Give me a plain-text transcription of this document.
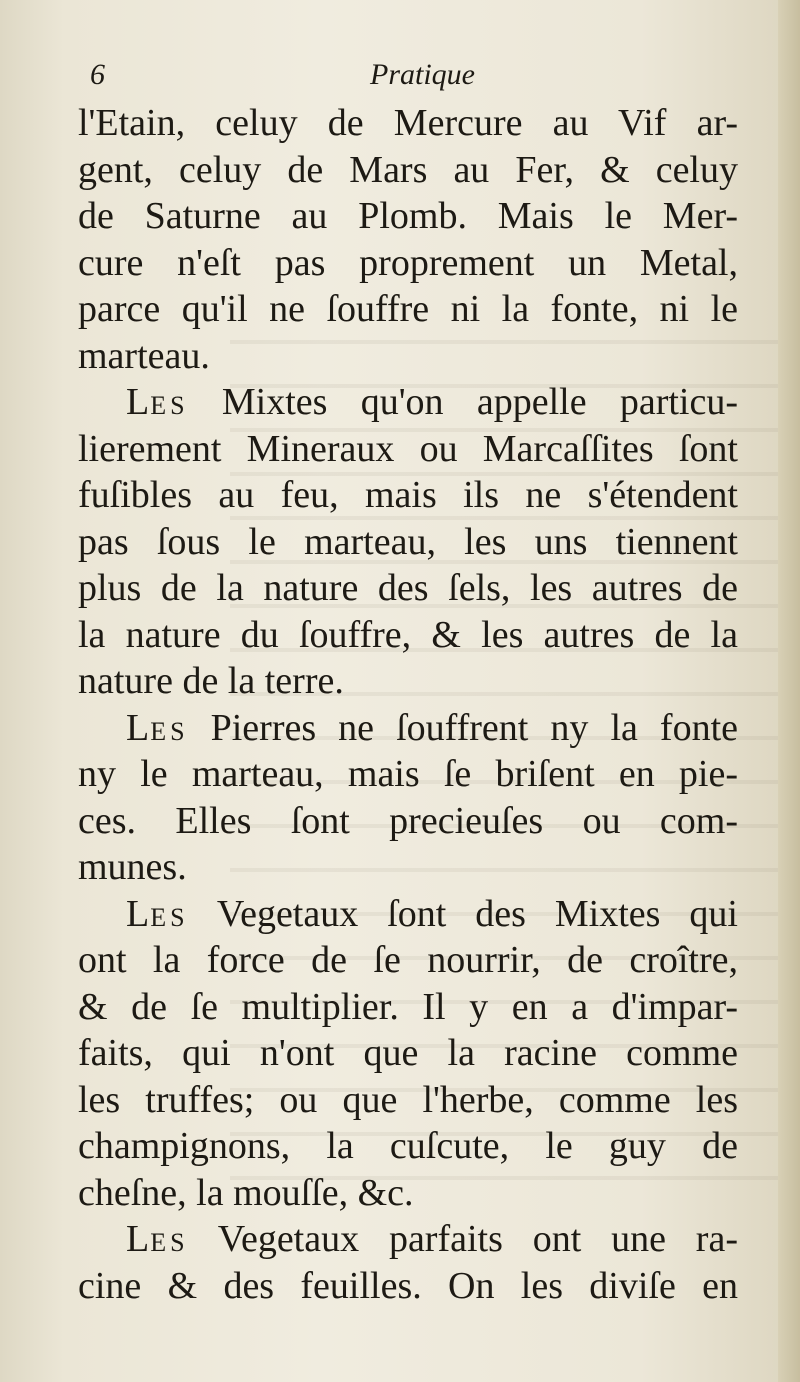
6	Pratique
l'Etain, celuy de Mercure au Vif ar-
gent, celuy de Mars au Fer, & celuy
de Saturne au Plomb. Mais le Mer-
cure n'eſt pas proprement un Metal,
parce qu'il ne ſouffre ni la fonte, ni le
marteau.
LES Mixtes qu'on appelle particu-
lierement Mineraux ou Marcaſſites ſont
fuſibles au feu, mais ils ne s'étendent
pas ſous le marteau, les uns tiennent
plus de la nature des ſels, les autres de
la nature du ſouffre, & les autres de la
nature de la terre.
LES Pierres ne ſouffrent ny la fonte
ny le marteau, mais ſe briſent en pie-
ces. Elles ſont precieuſes ou com-
munes.
LES Vegetaux ſont des Mixtes qui
ont la force de ſe nourrir, de croître,
& de ſe multiplier. Il y en a d'impar-
faits, qui n'ont que la racine comme
les truffes; ou que l'herbe, comme les
champignons, la cuſcute, le guy de
cheſne, la mouſſe, &c.
LES Vegetaux parfaits ont une ra-
cine & des feuilles. On les diviſe en
